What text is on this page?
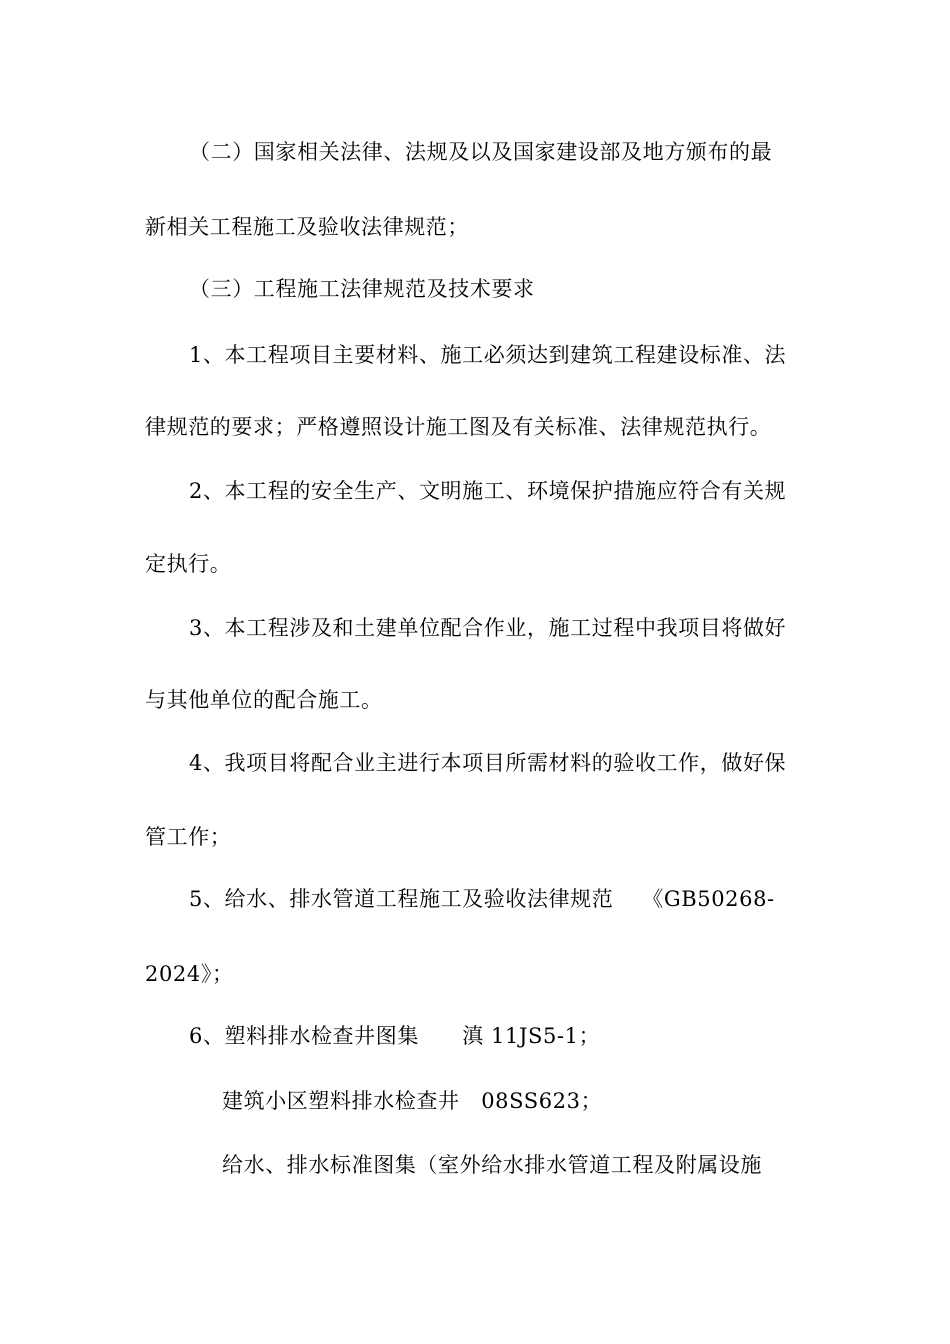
（二）国家相关法律、法规及以及国家建设部及地方颁布的最
新相关工程施工及验收法律规范；
（三）工程施工法律规范及技术要求
1、本工程项目主要材料、施工必须达到建筑工程建设标准、法
律规范的要求；严格遵照设计施工图及有关标准、法律规范执行。
2、本工程的安全生产、文明施工、环境保护措施应符合有关规
定执行。
3、本工程涉及和土建单位配合作业，施工过程中我项目将做好
与其他单位的配合施工。
4、我项目将配合业主进行本项目所需材料的验收工作，做好保
管工作；
5、给水、排水管道工程施工及验收法律规范　 《GB50268-
2024》；
6、塑料排水检查井图集　　滇 11JS5-1；
建筑小区塑料排水检查井　08SS623；
给水、排水标准图集（室外给水排水管道工程及附属设施
